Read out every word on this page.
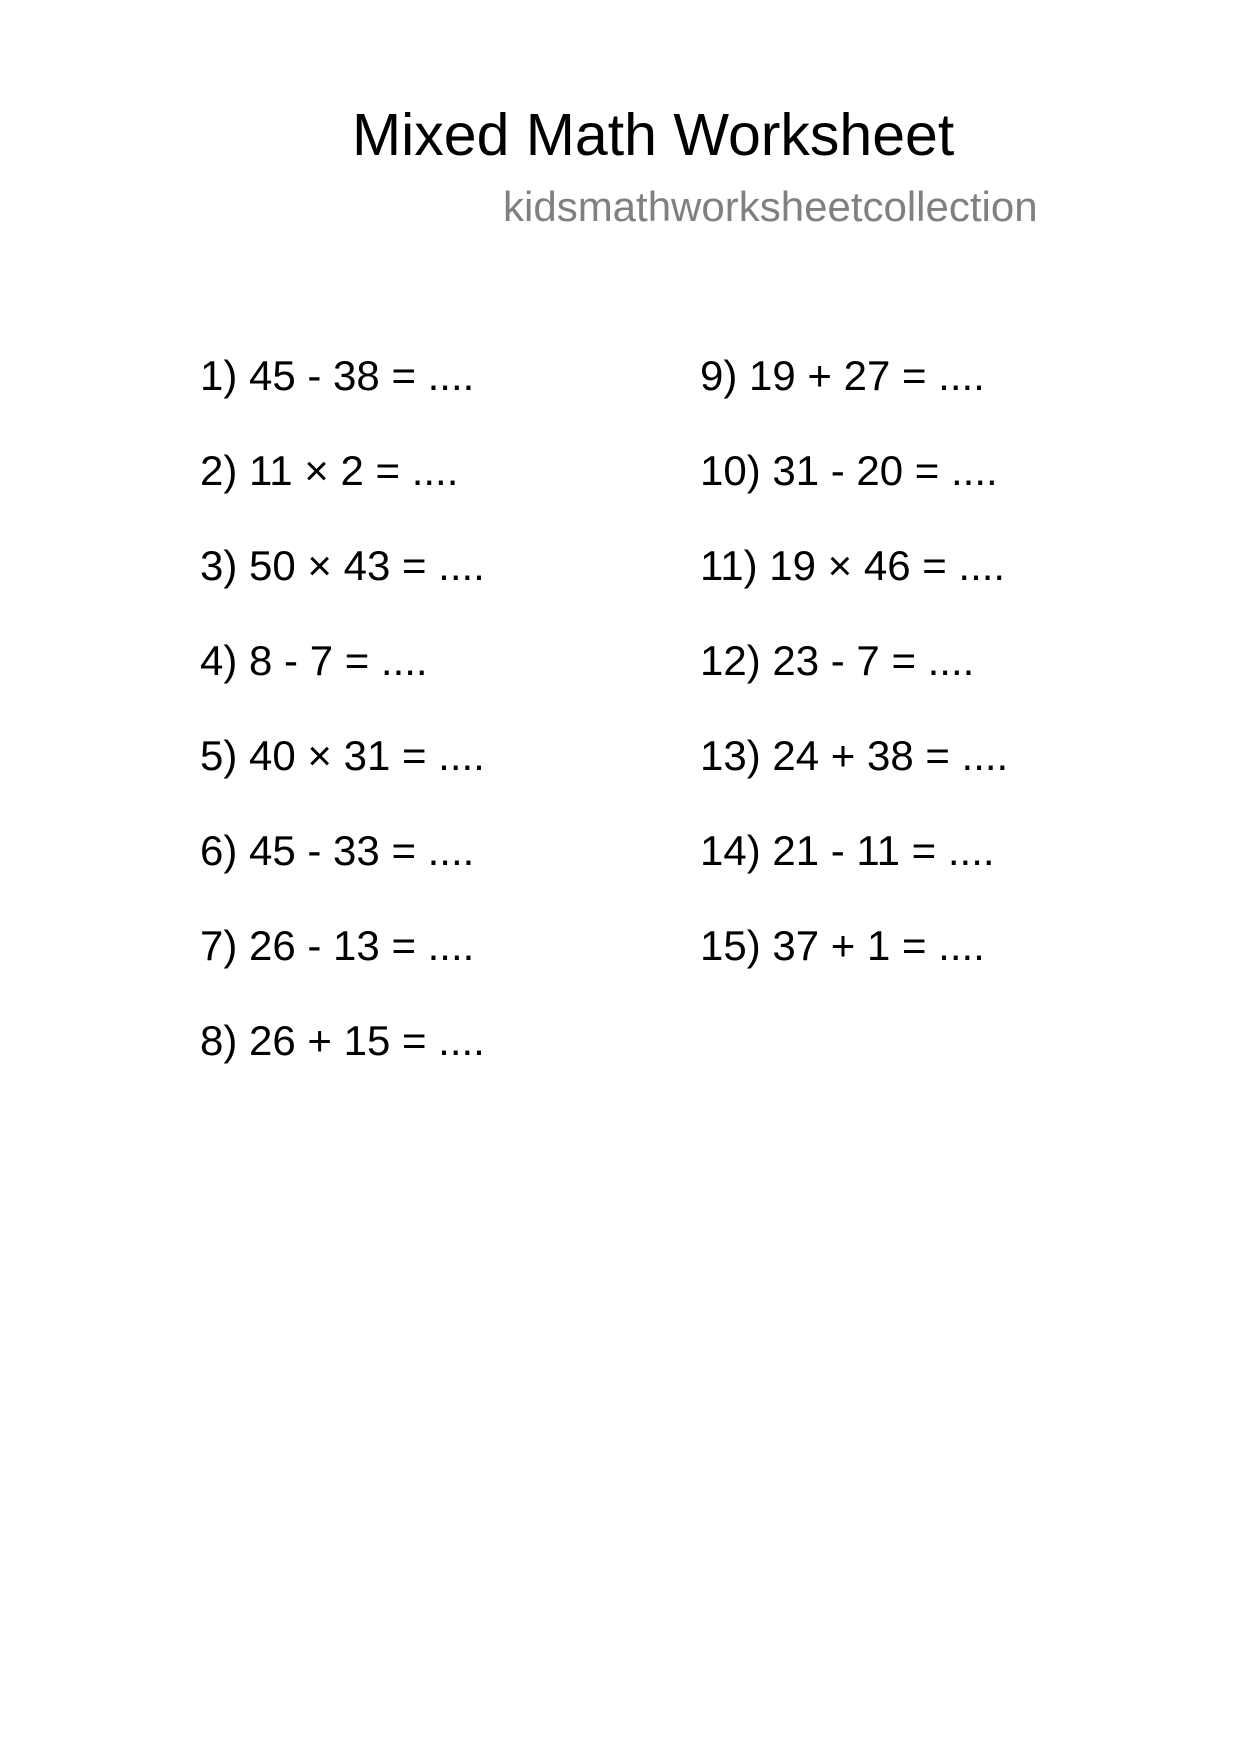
Mixed Math Worksheet
kidsmathworksheetcollection
1) 45 - 38 = ....
2) 11 × 2 = ....
3) 50 × 43 = ....
4) 8 - 7 = ....
5) 40 × 31 = ....
6) 45 - 33 = ....
7) 26 - 13 = ....
8) 26 + 15 = ....
9) 19 + 27 = ....
10) 31 - 20 = ....
11) 19 × 46 = ....
12) 23 - 7 = ....
13) 24 + 38 = ....
14) 21 - 11 = ....
15) 37 + 1 = ....
